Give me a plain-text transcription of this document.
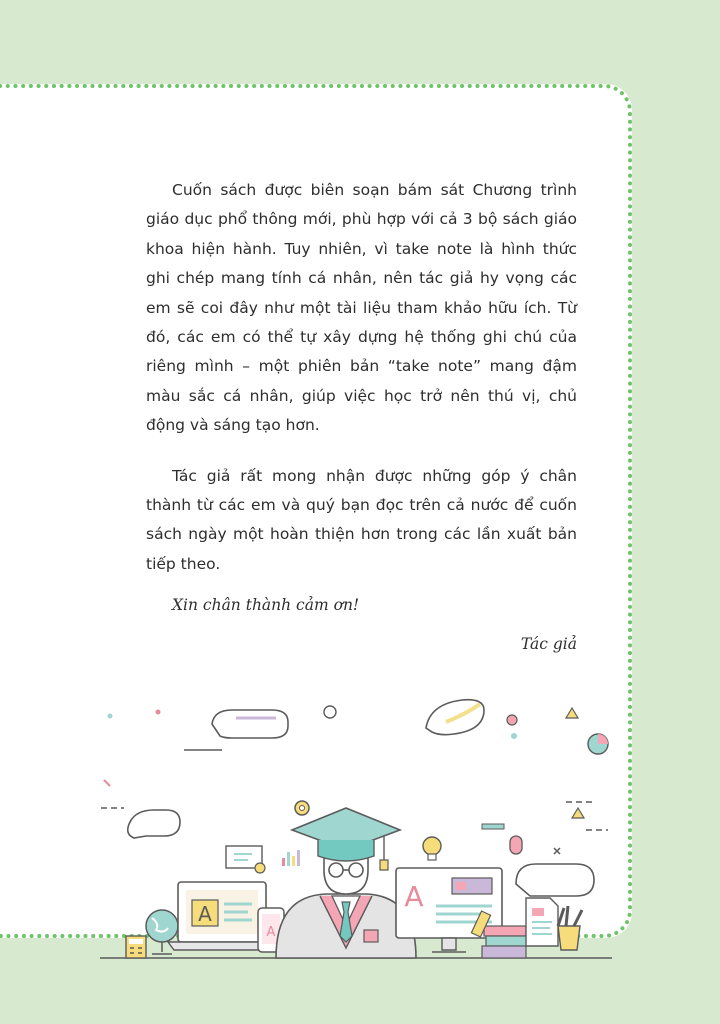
Cuốn sách được biên soạn bám sát Chương trình giáo dục phổ thông mới, phù hợp với cả 3 bộ sách giáo khoa hiện hành. Tuy nhiên, vì take note là hình thức ghi chép mang tính cá nhân, nên tác giả hy vọng các em sẽ coi đây như một tài liệu tham khảo hữu ích. Từ đó, các em có thể tự xây dựng hệ thống ghi chú của riêng mình – một phiên bản “take note” mang đậm màu sắc cá nhân, giúp việc học trở nên thú vị, chủ động và sáng tạo hơn.

Tác giả rất mong nhận được những góp ý chân thành từ các em và quý bạn đọc trên cả nước để cuốn sách ngày một hoàn thiện hơn trong các lần xuất bản tiếp theo.

Xin chân thành cảm ơn!

Tác giả

A
A
A
